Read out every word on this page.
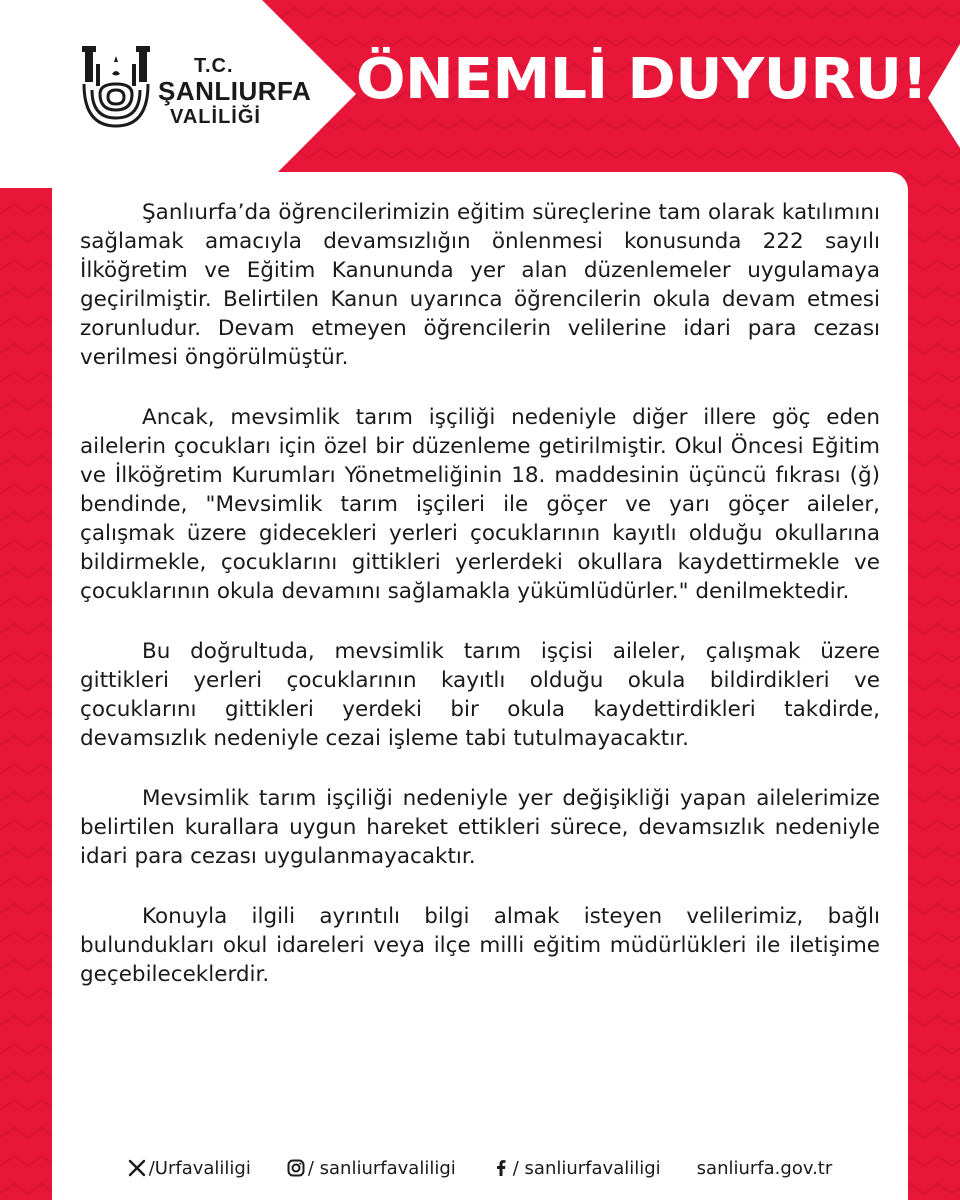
T.C.
ŞANLIURFA
VALİLİĞİ
ÖNEMLİ DUYURU!

Şanlıurfa’da öğrencilerimizin eğitim süreçlerine tam olarak katılımını sağlamak amacıyla devamsızlığın önlenmesi konusunda 222 sayılı İlköğretim ve Eğitim Kanununda yer alan düzenlemeler uygulamaya geçirilmiştir. Belirtilen Kanun uyarınca öğrencilerin okula devam etmesi zorunludur. Devam etmeyen öğrencilerin velilerine idari para cezası verilmesi öngörülmüştür.

Ancak, mevsimlik tarım işçiliği nedeniyle diğer illere göç eden ailelerin çocukları için özel bir düzenleme getirilmiştir. Okul Öncesi Eğitim ve İlköğretim Kurumları Yönetmeliğinin 18. maddesinin üçüncü fıkrası (ğ) bendinde, "Mevsimlik tarım işçileri ile göçer ve yarı göçer aileler, çalışmak üzere gidecekleri yerleri çocuklarının kayıtlı olduğu okullarına bildirmekle, çocuklarını gittikleri yerlerdeki okullara kaydettirmekle ve çocuklarının okula devamını sağlamakla yükümlüdürler." denilmektedir.

Bu doğrultuda, mevsimlik tarım işçisi aileler, çalışmak üzere gittikleri yerleri çocuklarının kayıtlı olduğu okula bildirdikleri ve çocuklarını gittikleri yerdeki bir okula kaydettirdikleri takdirde, devamsızlık nedeniyle cezai işleme tabi tutulmayacaktır.

Mevsimlik tarım işçiliği nedeniyle yer değişikliği yapan ailelerimize belirtilen kurallara uygun hareket ettikleri sürece, devamsızlık nedeniyle idari para cezası uygulanmayacaktır.

Konuyla ilgili ayrıntılı bilgi almak isteyen velilerimiz, bağlı bulundukları okul idareleri veya ilçe milli eğitim müdürlükleri ile iletişime geçebileceklerdir.

/Urfavaliligi	/ sanliurfavaliligi	/ sanliurfavaliligi sanliurfa.gov.tr
